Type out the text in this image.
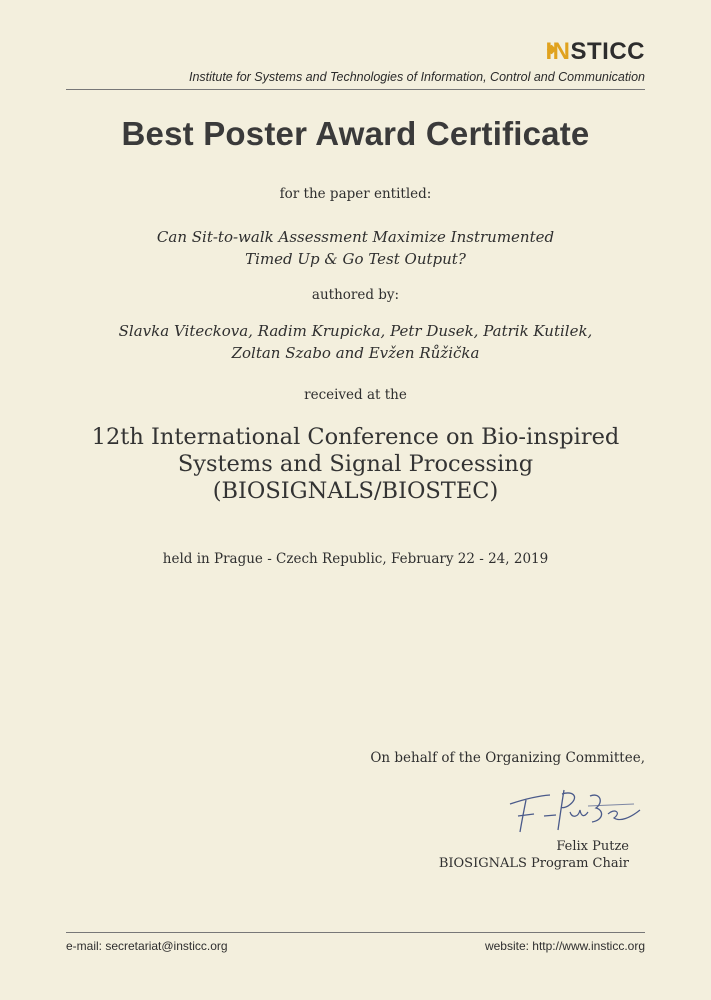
INSTICC
Institute for Systems and Technologies of Information, Control and Communication
Best Poster Award Certificate
for the paper entitled:
Can Sit-to-walk Assessment Maximize Instrumented
Timed Up & Go Test Output?
authored by:
Slavka Viteckova, Radim Krupicka, Petr Dusek, Patrik Kutilek,
Zoltan Szabo and Evžen Růžička
received at the
12th International Conference on Bio-inspired
Systems and Signal Processing
(BIOSIGNALS/BIOSTEC)
held in Prague - Czech Republic, February 22 - 24, 2019
On behalf of the Organizing Committee,
Felix Putze
BIOSIGNALS Program Chair
e-mail: secretariat@insticc.org	website: http://www.insticc.org
